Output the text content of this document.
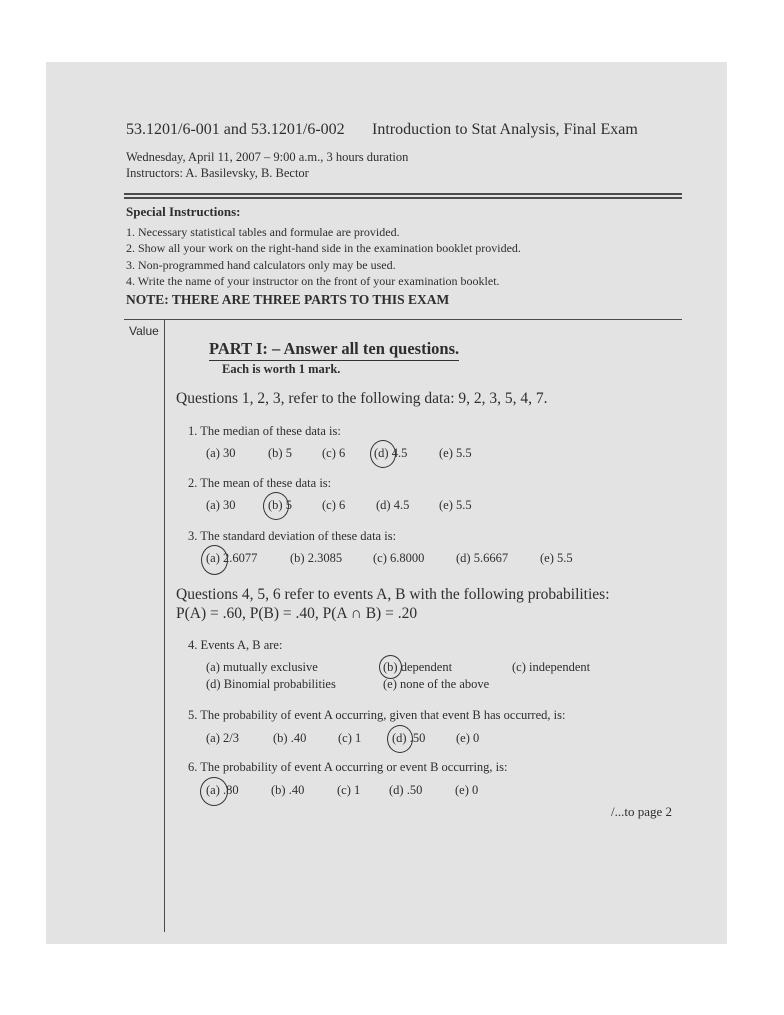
53.1201/6-001 and 53.1201/6-002 Introduction to Stat Analysis, Final Exam
Wednesday, April 11, 2007 – 9:00 a.m., 3 hours duration
Instructors: A. Basilevsky, B. Bector
Special Instructions:
1. Necessary statistical tables and formulae are provided.
2. Show all your work on the right-hand side in the examination booklet provided.
3. Non-programmed hand calculators only may be used.
4. Write the name of your instructor on the front of your examination booklet.
NOTE: THERE ARE THREE PARTS TO THIS EXAM
Value
PART I: – Answer all ten questions.
Each is worth 1 mark.
Questions 1, 2, 3, refer to the following data: 9, 2, 3, 5, 4, 7.
1. The median of these data is:
(a) 30	(b) 5 (c) 6 (d) 4.5	(e) 5.5
2. The mean of these data is:
(a) 30	(b) 5 (c) 6 (d) 4.5 (e) 5.5
3. The standard deviation of these data is:
(a) 2.6077	(b) 2.3085 (c) 6.8000	(d) 5.6667	(e) 5.5
Questions 4, 5, 6 refer to events A, B with the following probabilities:
P(A) = .60, P(B) = .40, P(A ∩ B) = .20
4. Events A, B are:
(a) mutually exclusive	(b) dependent	(c) independent
(d) Binomial probabilities	(e) none of the above
5. The probability of event A occurring, given that event B has occurred, is:
(a) 2/3	(b) .40	(c) 1 (d) .50 (e) 0
6. The probability of event A occurring or event B occurring, is:
(a) .80	(b) .40	(c) 1 (d) .50	(e) 0
/...to page 2
